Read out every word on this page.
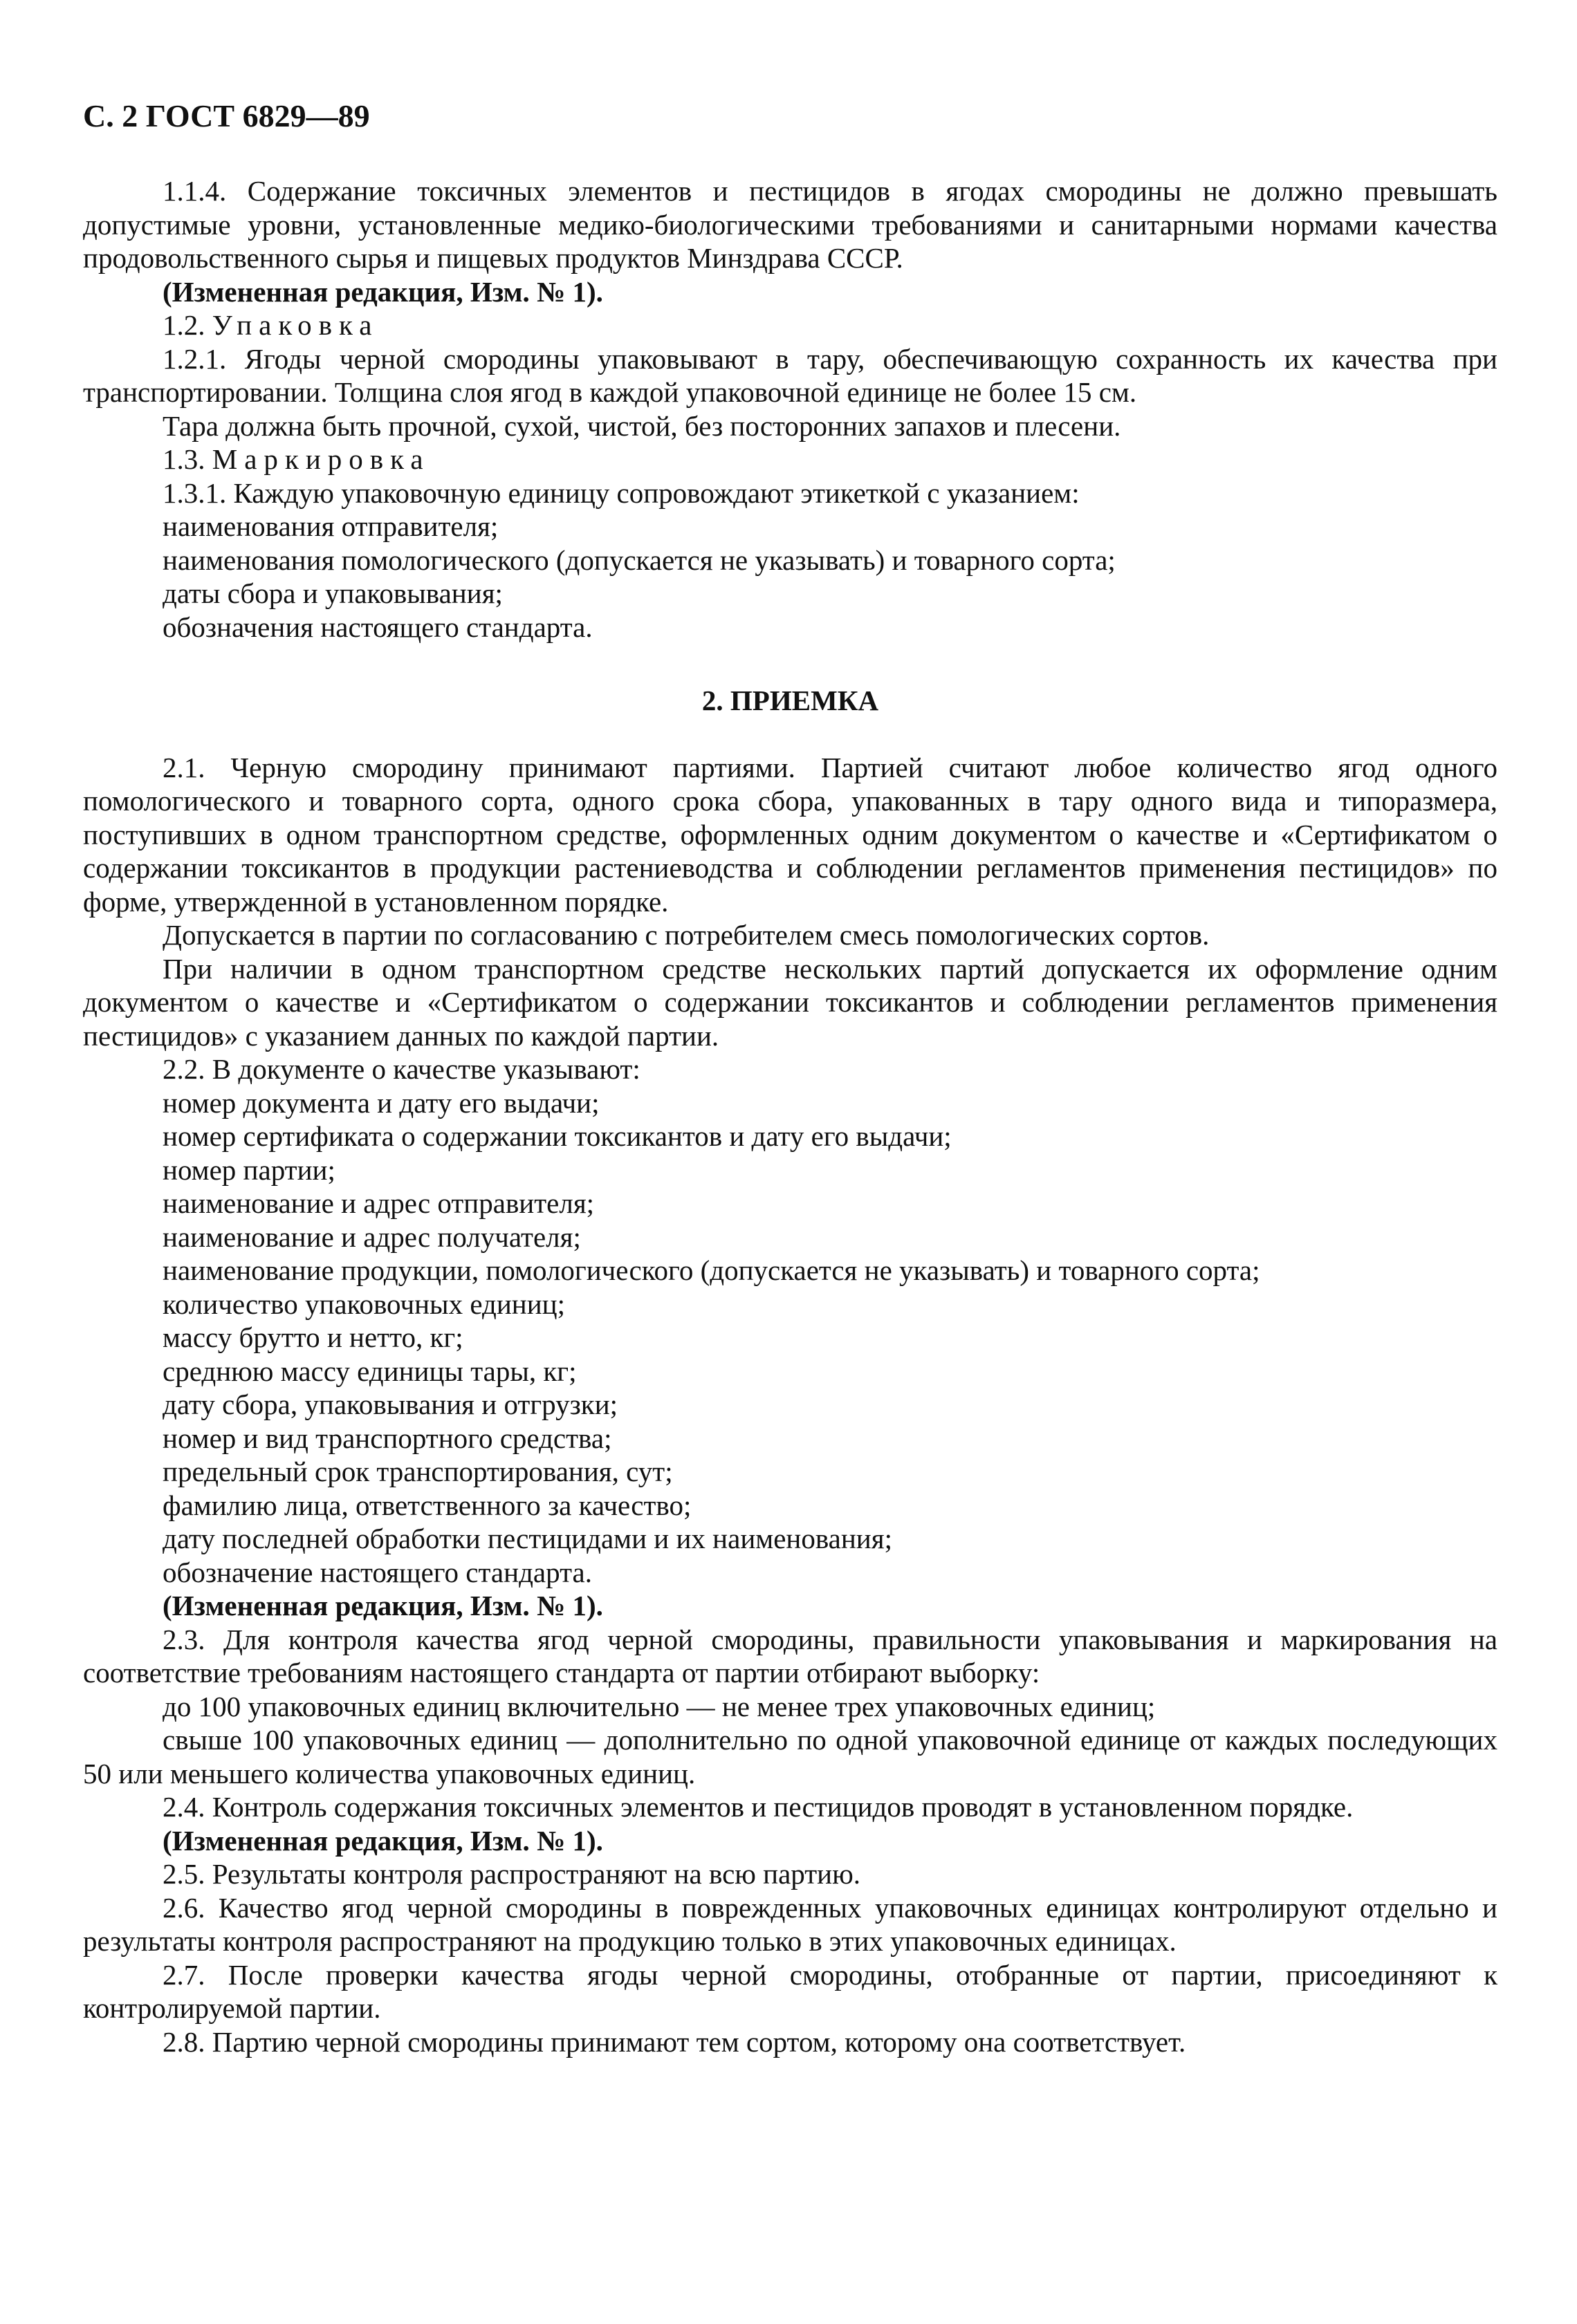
С. 2 ГОСТ 6829—89

1.1.4. Содержание токсичных элементов и пестицидов в ягодах смородины не должно превышать допустимые уровни, установленные медико-биологическими требованиями и санитарными нормами качества продовольственного сырья и пищевых продуктов Минздрава СССР.

(Измененная редакция, Изм. № 1).

1.2. Упаковка

1.2.1. Ягоды черной смородины упаковывают в тару, обеспечивающую сохранность их качества при транспортировании. Толщина слоя ягод в каждой упаковочной единице не более 15 см.

Тара должна быть прочной, сухой, чистой, без посторонних запахов и плесени.

1.3. Маркировка

1.3.1. Каждую упаковочную единицу сопровождают этикеткой с указанием:

наименования отправителя;

наименования помологического (допускается не указывать) и товарного сорта;

даты сбора и упаковывания;

обозначения настоящего стандарта.

2. ПРИЕМКА

2.1. Черную смородину принимают партиями. Партией считают любое количество ягод одного помологического и товарного сорта, одного срока сбора, упакованных в тару одного вида и типоразмера, поступивших в одном транспортном средстве, оформленных одним документом о качестве и «Сертификатом о содержании токсикантов в продукции растениеводства и соблюдении регламентов применения пестицидов» по форме, утвержденной в установленном порядке.

Допускается в партии по согласованию с потребителем смесь помологических сортов.

При наличии в одном транспортном средстве нескольких партий допускается их оформление одним документом о качестве и «Сертификатом о содержании токсикантов и соблюдении регламентов применения пестицидов» с указанием данных по каждой партии.

2.2. В документе о качестве указывают:

номер документа и дату его выдачи;

номер сертификата о содержании токсикантов и дату его выдачи;

номер партии;

наименование и адрес отправителя;

наименование и адрес получателя;

наименование продукции, помологического (допускается не указывать) и товарного сорта;

количество упаковочных единиц;

массу брутто и нетто, кг;

среднюю массу единицы тары, кг;

дату сбора, упаковывания и отгрузки;

номер и вид транспортного средства;

предельный срок транспортирования, сут;

фамилию лица, ответственного за качество;

дату последней обработки пестицидами и их наименования;

обозначение настоящего стандарта.

(Измененная редакция, Изм. № 1).

2.3. Для контроля качества ягод черной смородины, правильности упаковывания и маркирования на соответствие требованиям настоящего стандарта от партии отбирают выборку:

до 100 упаковочных единиц включительно — не менее трех упаковочных единиц;

свыше 100 упаковочных единиц — дополнительно по одной упаковочной единице от каждых последующих 50 или меньшего количества упаковочных единиц.

2.4. Контроль содержания токсичных элементов и пестицидов проводят в установленном порядке.

(Измененная редакция, Изм. № 1).

2.5. Результаты контроля распространяют на всю партию.

2.6. Качество ягод черной смородины в поврежденных упаковочных единицах контролируют отдельно и результаты контроля распространяют на продукцию только в этих упаковочных единицах.

2.7. После проверки качества ягоды черной смородины, отобранные от партии, присоединяют к контролируемой партии.

2.8. Партию черной смородины принимают тем сортом, которому она соответствует.
